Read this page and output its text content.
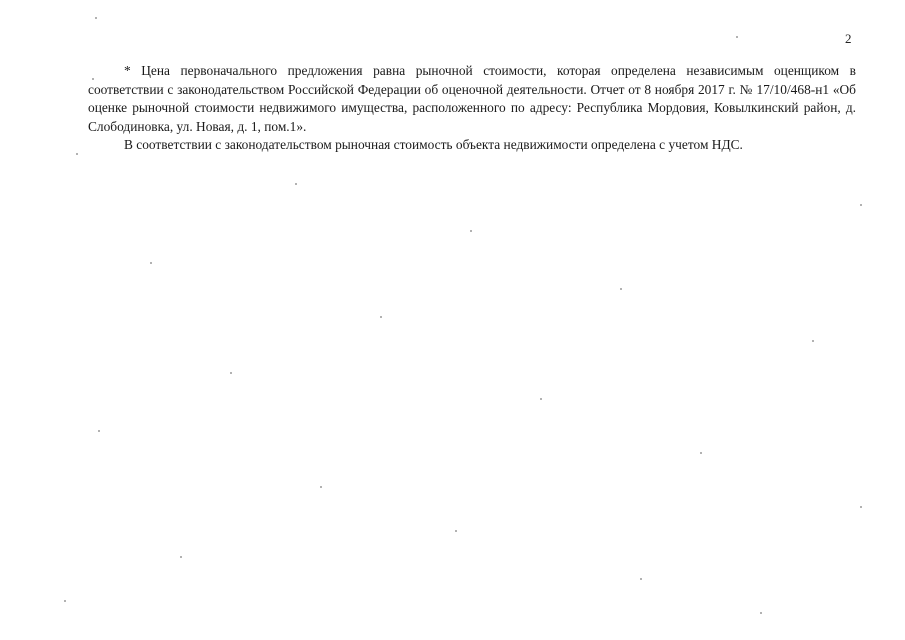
2

* Цена первоначального предложения равна рыночной стоимости, которая определена независимым оценщиком в соответствии с законодательством Российской Федерации об оценочной деятельности. Отчет от 8 ноября 2017 г. № 17/10/468-н1 «Об оценке рыночной стоимости недвижимого имущества, расположенного по адресу: Республика Мордовия, Ковылкинский район, д. Слободиновка, ул. Новая, д. 1, пом.1».

В соответствии с законодательством рыночная стоимость объекта недвижимости определена с учетом НДС.
